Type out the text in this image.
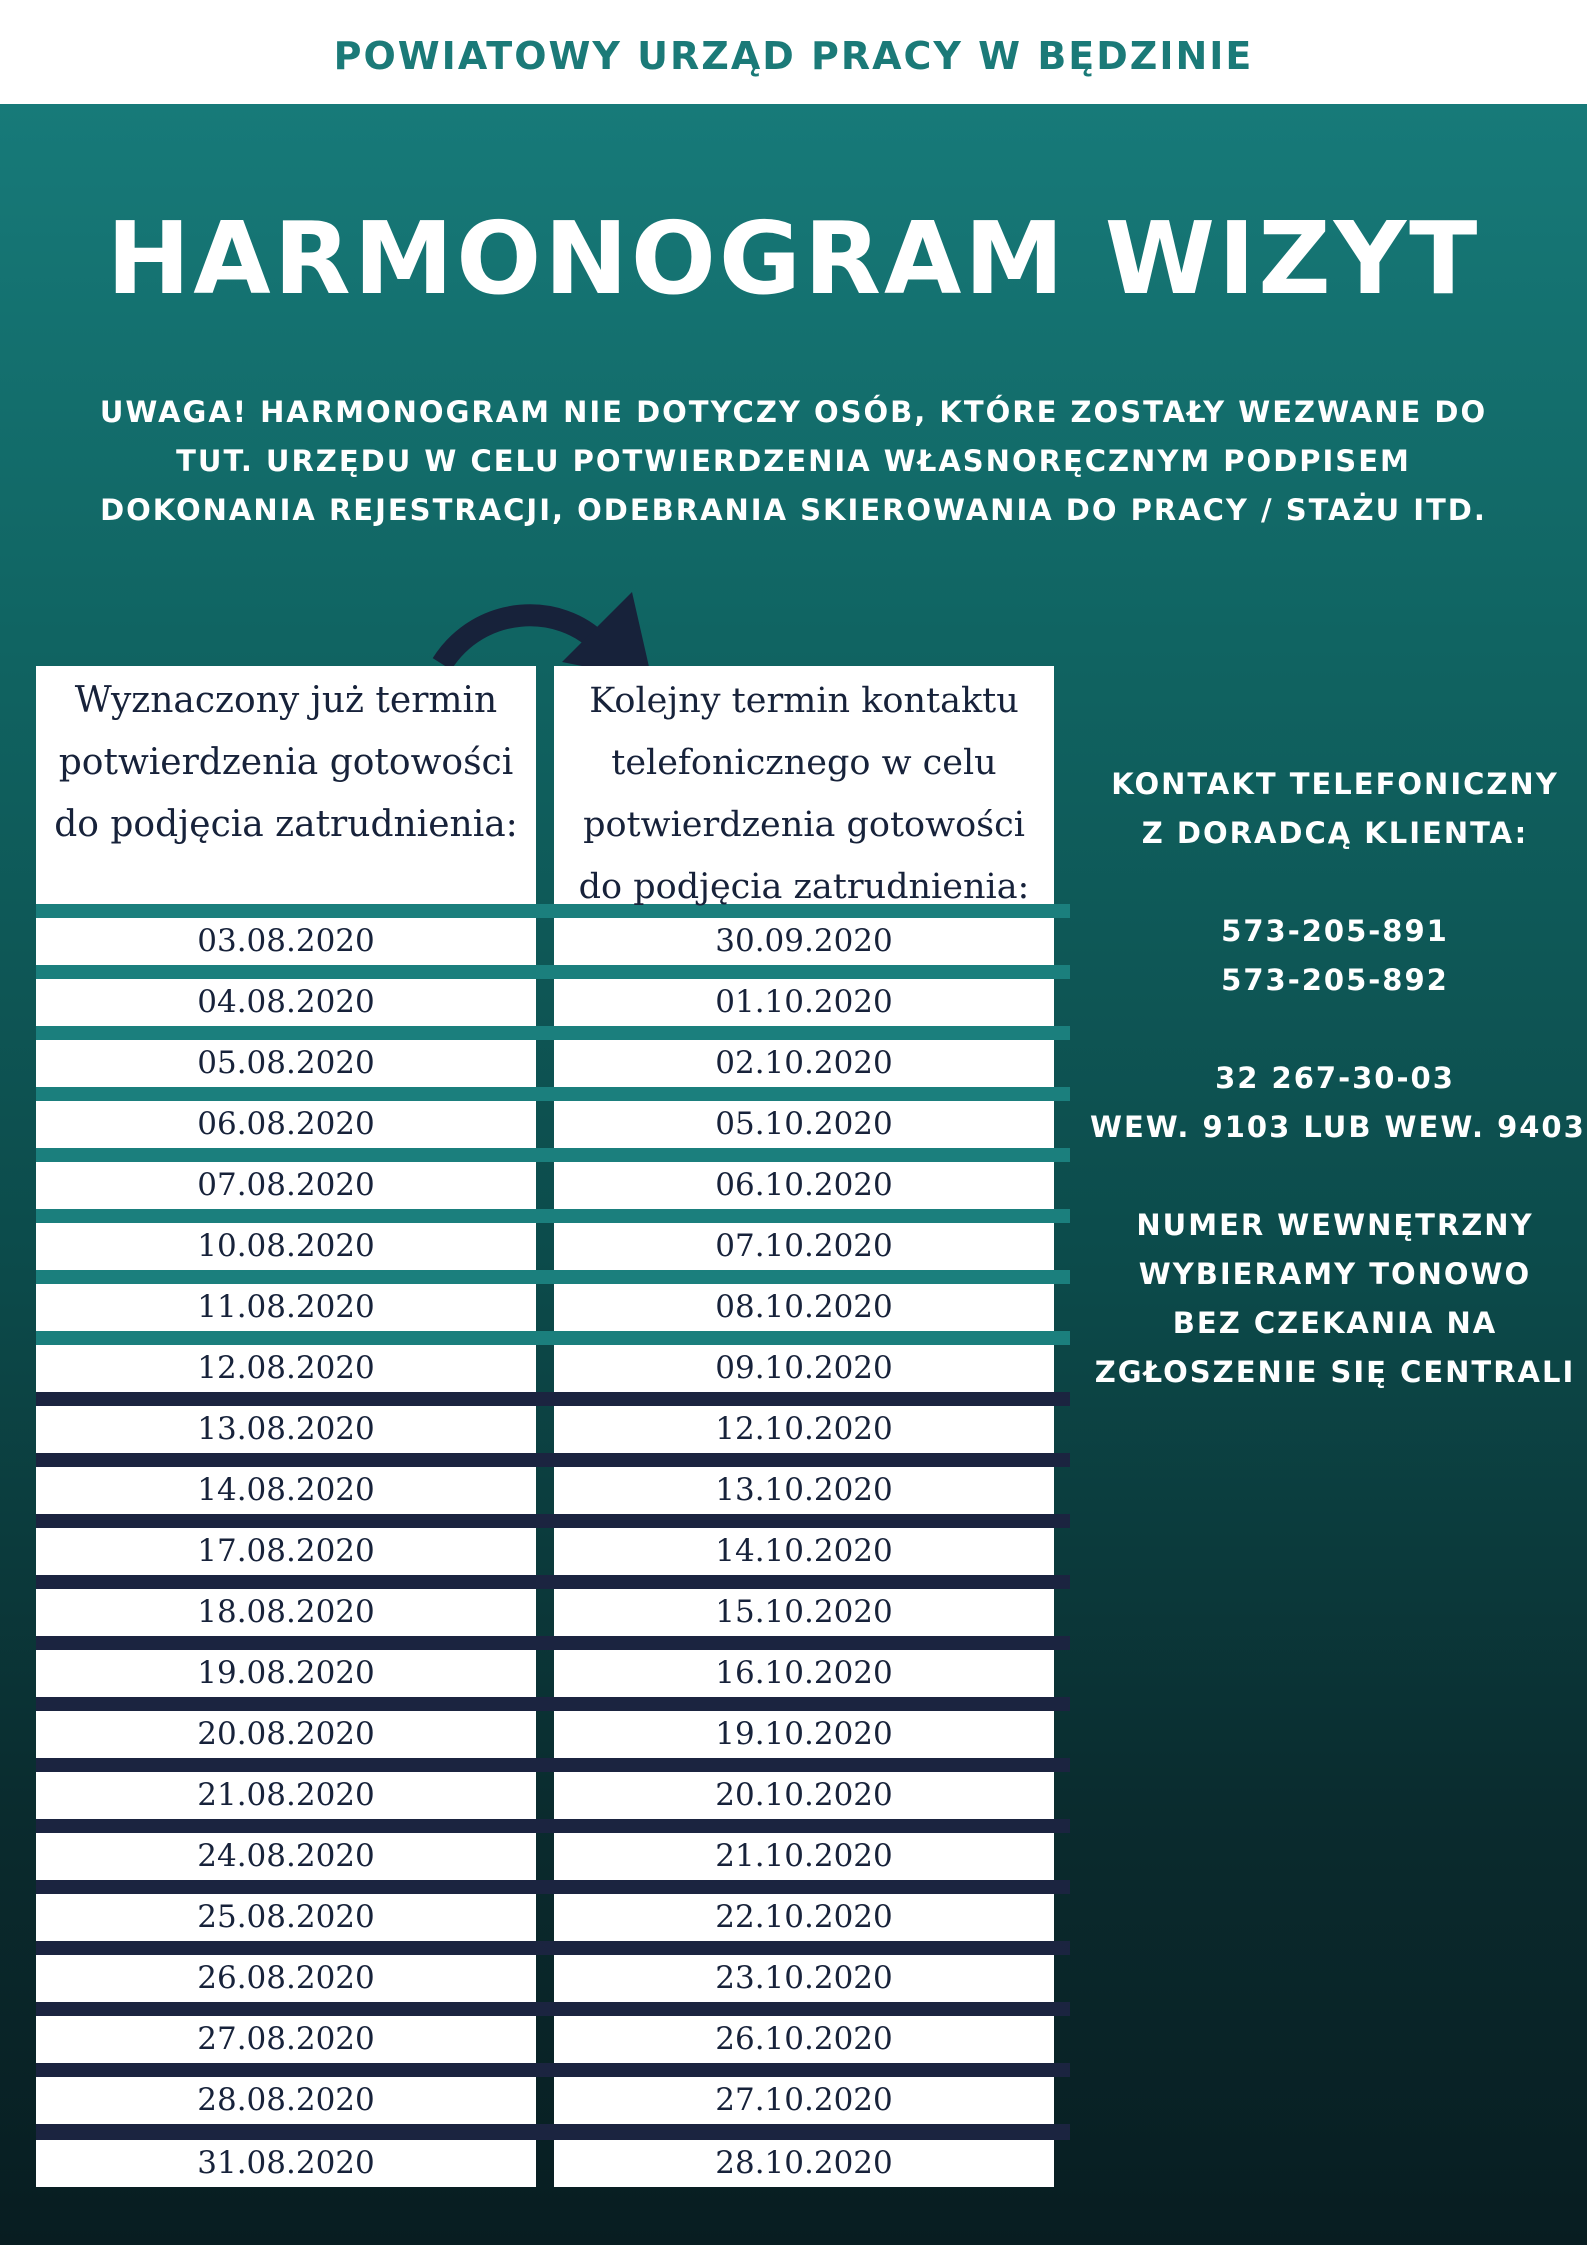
POWIATOWY URZĄD PRACY W BĘDZINIE
HARMONOGRAM WIZYT
UWAGA! HARMONOGRAM NIE DOTYCZY OSÓB, KTÓRE ZOSTAŁY WEZWANE DO
TUT. URZĘDU W CELU POTWIERDZENIA WŁASNORĘCZNYM PODPISEM
DOKONANIA REJESTRACJI, ODEBRANIA SKIEROWANIA DO PRACY / STAŻU ITD.
Wyznaczony już termin
potwierdzenia gotowości
do podjęcia zatrudnienia:
03.08.2020
04.08.2020
05.08.2020
06.08.2020
07.08.2020
10.08.2020
11.08.2020
12.08.2020
13.08.2020
14.08.2020
17.08.2020
18.08.2020
19.08.2020
20.08.2020
21.08.2020
24.08.2020
25.08.2020
26.08.2020
27.08.2020
28.08.2020
31.08.2020
Kolejny termin kontaktu
telefonicznego w celu
potwierdzenia gotowości
do podjęcia zatrudnienia:
30.09.2020
01.10.2020
02.10.2020
05.10.2020
06.10.2020
07.10.2020
08.10.2020
09.10.2020
12.10.2020
13.10.2020
14.10.2020
15.10.2020
16.10.2020
19.10.2020
20.10.2020
21.10.2020
22.10.2020
23.10.2020
26.10.2020
27.10.2020
28.10.2020
KONTAKT TELEFONICZNY
Z DORADCĄ KLIENTA:
573-205-891
573-205-892
32 267-30-03
WEW. 9103 LUB WEW. 9403
NUMER WEWNĘTRZNY
WYBIERAMY TONOWO
BEZ CZEKANIA NA
ZGŁOSZENIE SIĘ CENTRALI
